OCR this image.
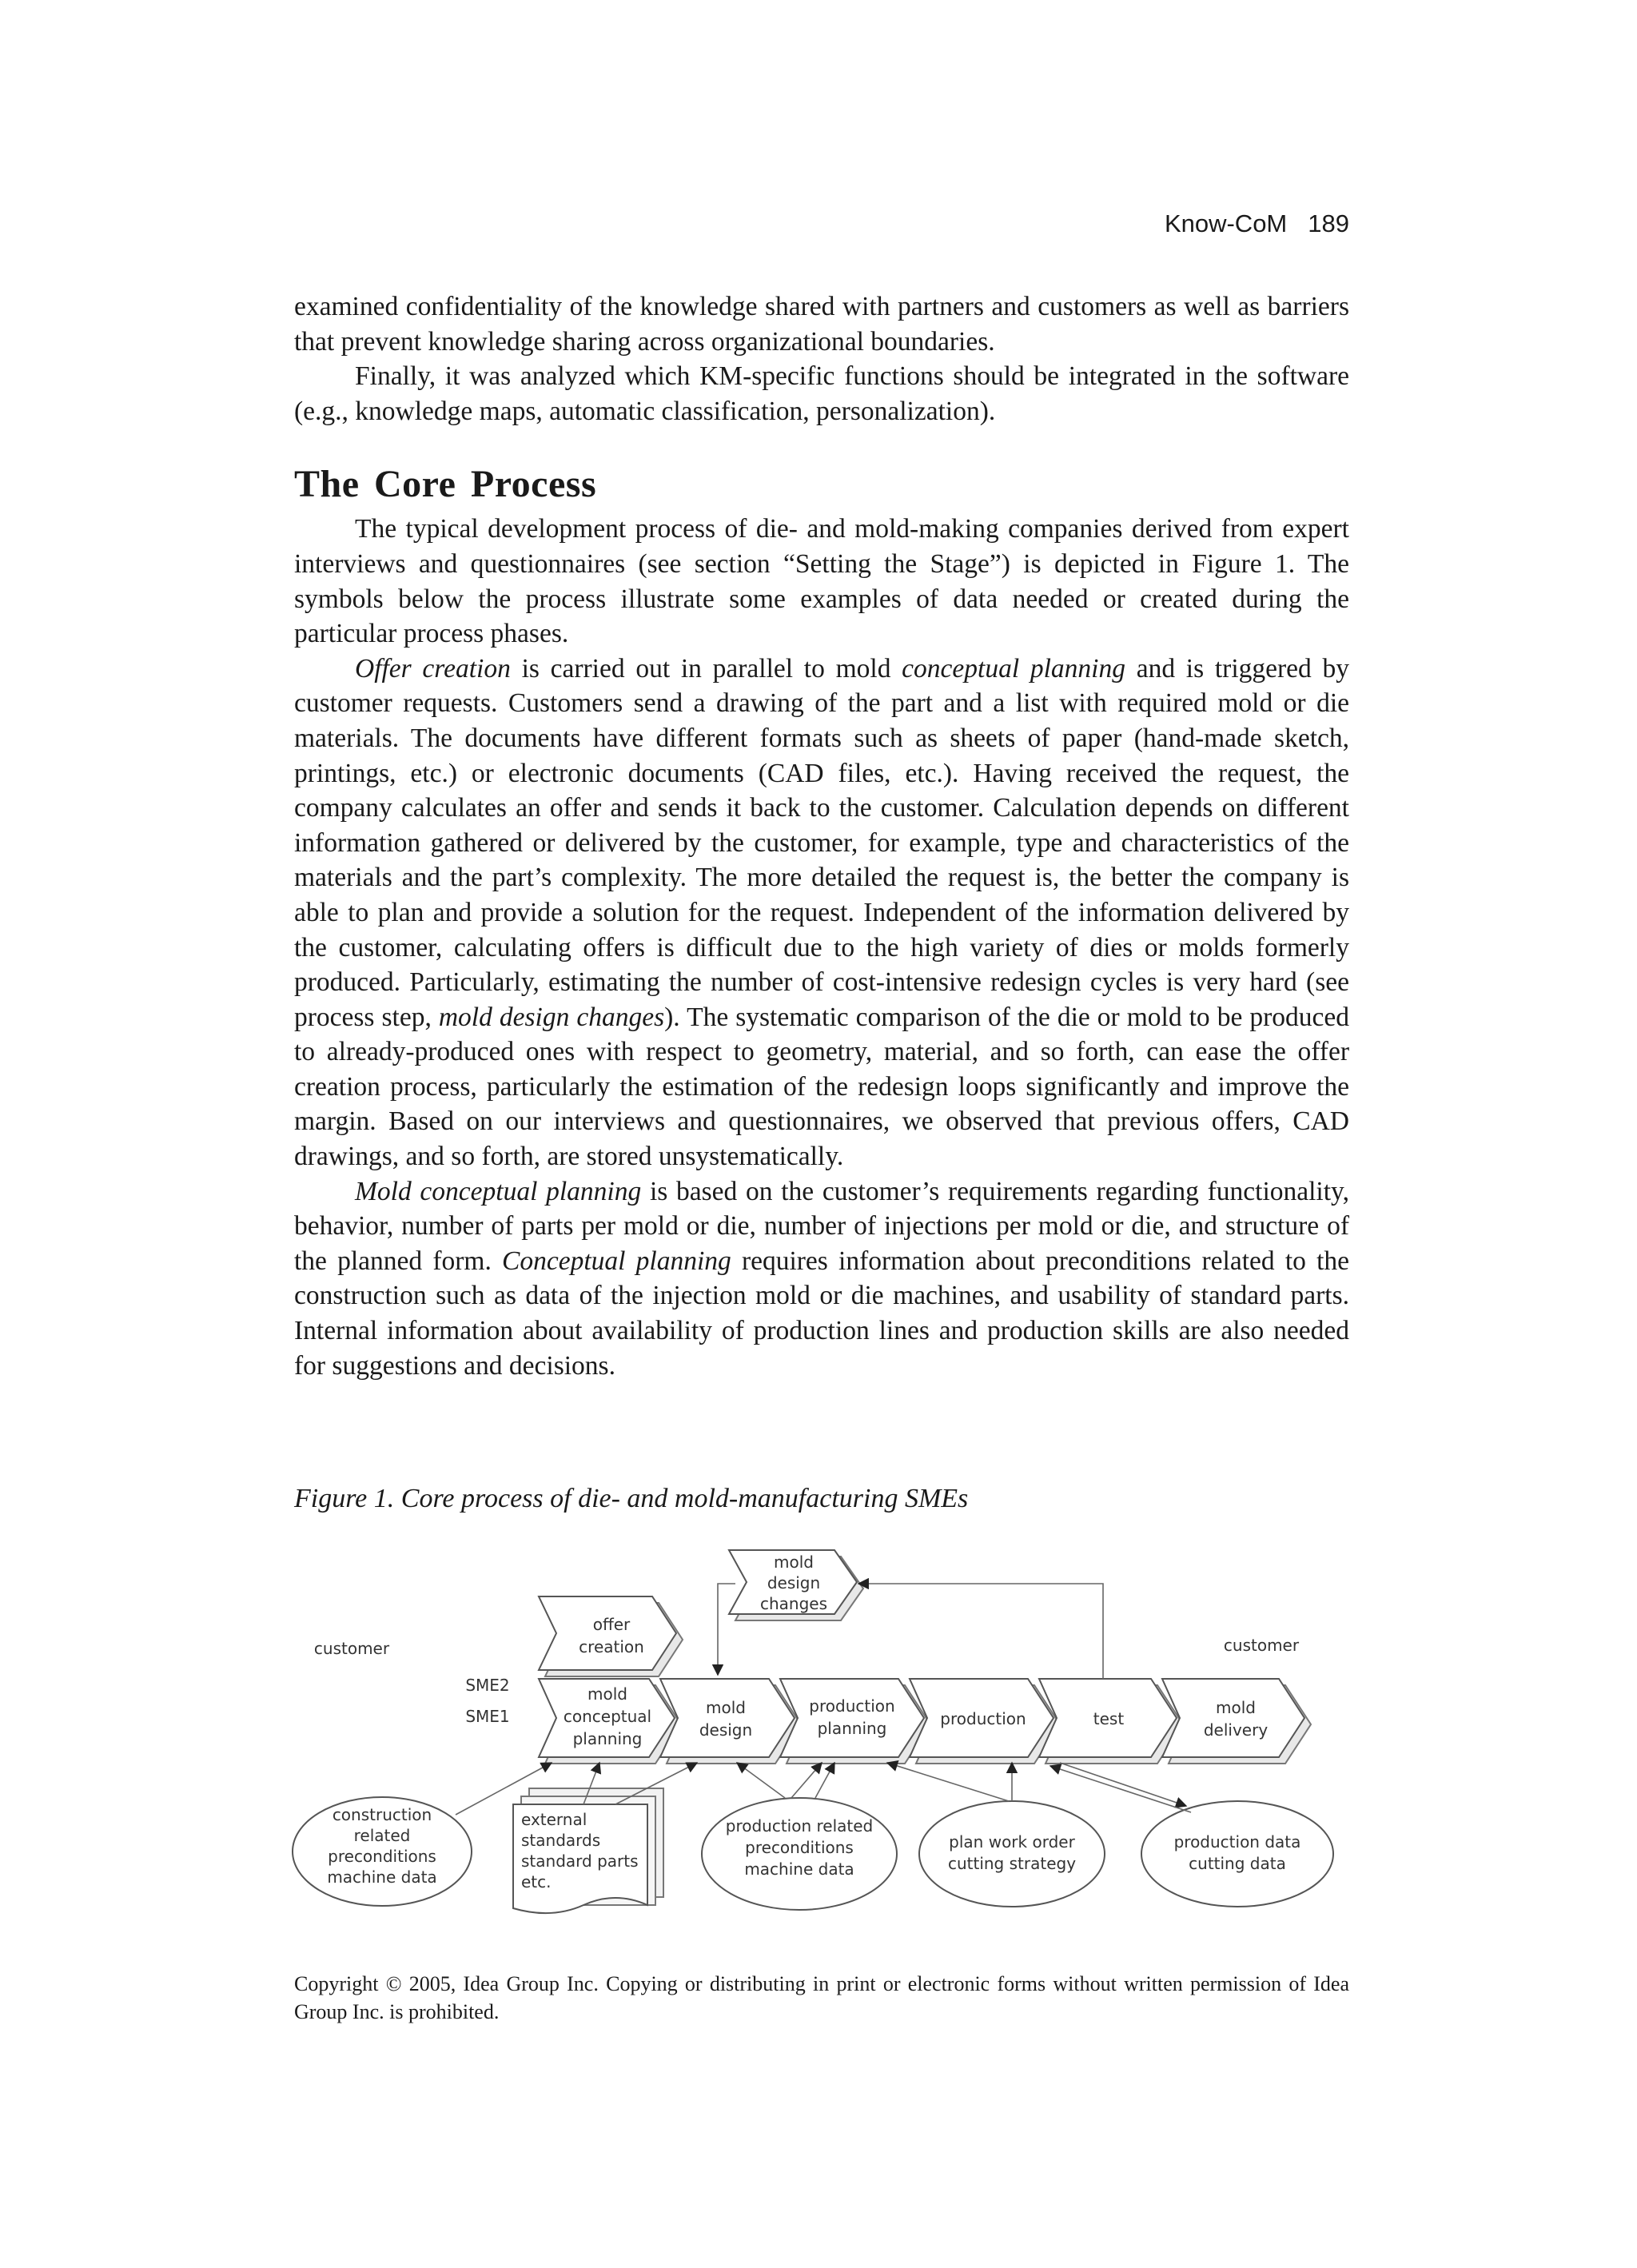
Know-CoM 189

examined confidentiality of the knowledge shared with partners and customers as well as barriers that prevent knowledge sharing across organizational boundaries.

Finally, it was analyzed which KM-specific functions should be integrated in the software (e.g., knowledge maps, automatic classification, personalization).

The Core Process

The typical development process of die- and mold-making companies derived from expert interviews and questionnaires (see section “Setting the Stage”) is depicted in Figure 1. The symbols below the process illustrate some examples of data needed or created during the particular process phases.

Offer creation is carried out in parallel to mold conceptual planning and is triggered by customer requests. Customers send a drawing of the part and a list with required mold or die materials. The documents have different formats such as sheets of paper (hand-made sketch, printings, etc.) or electronic documents (CAD files, etc.). Having received the request, the company calculates an offer and sends it back to the customer. Calculation depends on different information gathered or delivered by the customer, for example, type and characteristics of the materials and the part’s complexity. The more detailed the request is, the better the company is able to plan and provide a solution for the request. Independent of the information delivered by the customer, calculating offers is difficult due to the high variety of dies or molds formerly produced. Particularly, estimating the number of cost-intensive redesign cycles is very hard (see process step, mold design changes). The systematic comparison of the die or mold to be produced to already-produced ones with respect to geometry, material, and so forth, can ease the offer creation process, particularly the estimation of the redesign loops significantly and improve the margin. Based on our interviews and questionnaires, we observed that previous offers, CAD drawings, and so forth, are stored unsystematically.

Mold conceptual planning is based on the customer’s requirements regarding functionality, behavior, number of parts per mold or die, number of injections per mold or die, and structure of the planned form. Conceptual planning requires information about preconditions related to the construction such as data of the injection mold or die machines, and usability of standard parts. Internal information about availability of production lines and production skills are also needed for suggestions and decisions.

Figure 1. Core process of die- and mold-manufacturing SMEs
customer	customer
SME2
SME1
mold
design
changes
offer
creation
mold
conceptual
planning
mold
design
production
planning	production	test
mold
delivery
construction
related
preconditions
machine data
production related
preconditions
machine data
plan work order
cutting strategy
production data
cutting data
external
standards
standard parts
etc.
Copyright © 2005, Idea Group Inc. Copying or distributing in print or electronic forms without written permission of Idea Group Inc. is prohibited.
